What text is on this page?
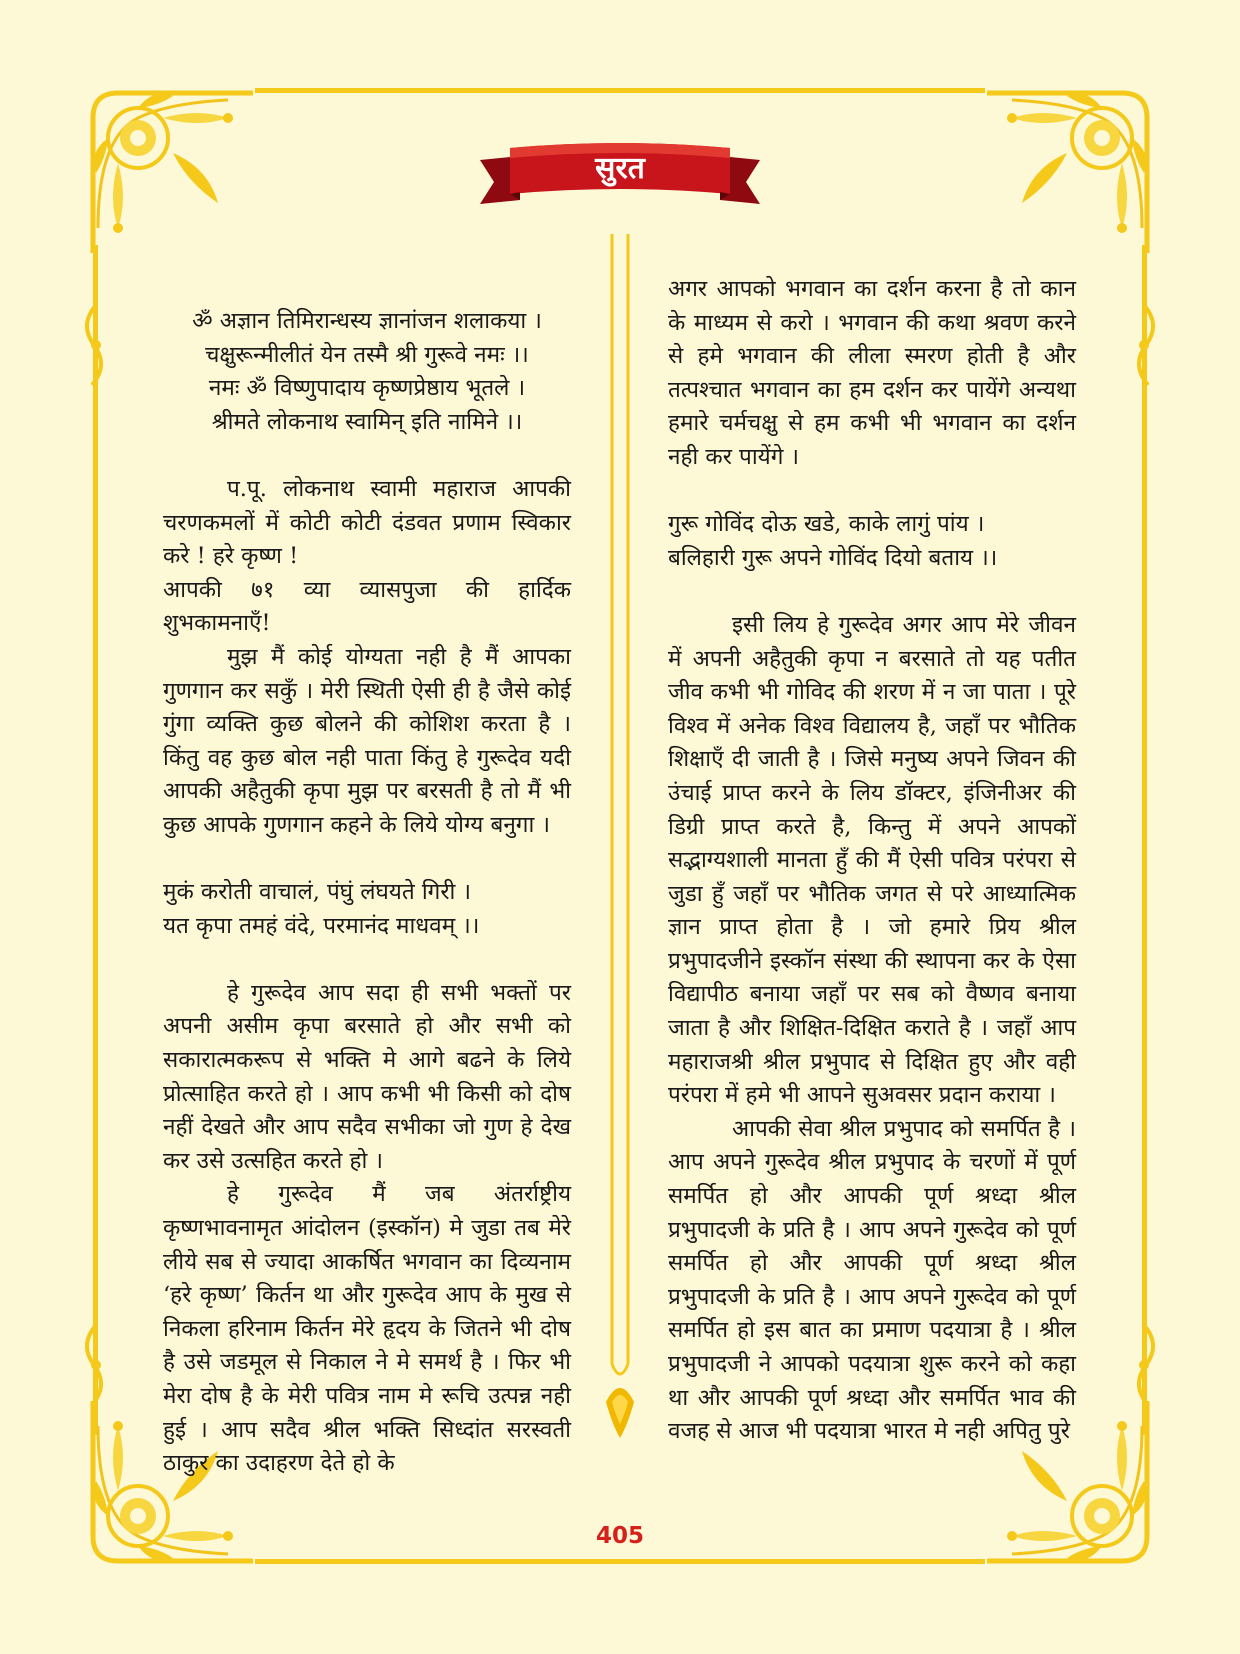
सुरत
ॐ अज्ञान तिमिरान्धस्य ज्ञानांजन शलाकया ।
चक्षुरून्मीलीतं येन तस्मै श्री गुरूवे नमः ।।
नमः ॐ विष्णुपादाय कृष्णप्रेष्ठाय भूतले ।
श्रीमते लोकनाथ स्वामिन् इति नामिने ।।
प.पू. लोकनाथ स्वामी महाराज आपकी चरणकमलों में कोटी कोटी दंडवत प्रणाम स्विकार करे ! हरे कृष्ण !
आपकी ७१ व्या व्यासपुजा की हार्दिक शुभकामनाएँ!
मुझ मैं कोई योग्यता नही है मैं आपका गुणगान कर सकुँ । मेरी स्थिती ऐसी ही है जैसे कोई गुंगा व्यक्ति कुछ बोलने की कोशिश करता है । किंतु वह कुछ बोल नही पाता किंतु हे गुरूदेव यदी आपकी अहैतुकी कृपा मुझ पर बरसती है तो मैं भी कुछ आपके गुणगान कहने के लिये योग्य बनुगा ।
मुकं करोती वाचालं, पंघुं लंघयते गिरी ।
यत कृपा तमहं वंदे, परमानंद माधवम् ।।
हे गुरूदेव आप सदा ही सभी भक्तों पर अपनी असीम कृपा बरसाते हो और सभी को सकारात्मकरूप से भक्ति मे आगे बढने के लिये प्रोत्साहित करते हो । आप कभी भी किसी को दोष नहीं देखते और आप सदैव सभीका जो गुण हे देख कर उसे उत्सहित करते हो ।
हे गुरूदेव मैं जब अंतर्राष्ट्रीय
कृष्णभावनामृत आंदोलन (इस्कॉन) मे जुडा तब मेरे लीये सब से ज्यादा आकर्षित भगवान का दिव्यनाम ‘हरे कृष्ण’ किर्तन था और गुरूदेव आप के मुख से निकला हरिनाम किर्तन मेरे हृदय के जितने भी दोष है उसे जडमूल से निकाल ने मे समर्थ है । फिर भी मेरा दोष है के मेरी पवित्र नाम मे रूचि उत्पन्न नही हुई । आप सदैव श्रील भक्ति सिध्दांत सरस्वती ठाकुर का उदाहरण देते हो के
अगर आपको भगवान का दर्शन करना है तो कान के माध्यम से करो । भगवान की कथा श्रवण करने से हमे भगवान की लीला स्मरण होती है और तत्पश्चात भगवान का हम दर्शन कर पायेंगे अन्यथा हमारे चर्मचक्षु से हम कभी भी भगवान का दर्शन नही कर पायेंगे ।
गुरू गोविंद दोऊ खडे, काके लागुं पांय ।
बलिहारी गुरू अपने गोविंद दियो बताय ।।
इसी लिय हे गुरूदेव अगर आप मेरे जीवन में अपनी अहैतुकी कृपा न बरसाते तो यह पतीत जीव कभी भी गोविद की शरण में न जा पाता । पूरे विश्व में अनेक विश्व विद्यालय है, जहाँ पर भौतिक शिक्षाएँ दी जाती है । जिसे मनुष्य अपने जिवन की उंचाई प्राप्त करने के लिय डॉक्टर, इंजिनीअर की डिग्री प्राप्त करते है, किन्तु में अपने आपकों सद्भाग्यशाली मानता हुँ की मैं ऐसी पवित्र परंपरा से जुडा हुँ जहाँ पर भौतिक जगत से परे आध्यात्मिक ज्ञान प्राप्त होता है । जो हमारे प्रिय श्रील प्रभुपादजीने इस्कॉन संस्था की स्थापना कर के ऐसा विद्यापीठ बनाया जहाँ पर सब को वैष्णव बनाया जाता है और शिक्षित-दिक्षित कराते है । जहाँ आप महाराजश्री श्रील प्रभुपाद से दिक्षित हुए और वही परंपरा में हमे भी आपने सुअवसर प्रदान कराया ।
आपकी सेवा श्रील प्रभुपाद को समर्पित है । आप अपने गुरूदेव श्रील प्रभुपाद के चरणों में पूर्ण समर्पित हो और आपकी पूर्ण श्रध्दा श्रील प्रभुपादजी के प्रति है । आप अपने गुरूदेव को पूर्ण समर्पित हो और आपकी पूर्ण श्रध्दा श्रील प्रभुपादजी के प्रति है । आप अपने गुरूदेव को पूर्ण समर्पित हो इस बात का प्रमाण पदयात्रा है । श्रील प्रभुपादजी ने आपको पदयात्रा शुरू करने को कहा था और आपकी पूर्ण श्रध्दा और समर्पित भाव की वजह से आज भी पदयात्रा भारत मे नही अपितु पुरे
405
